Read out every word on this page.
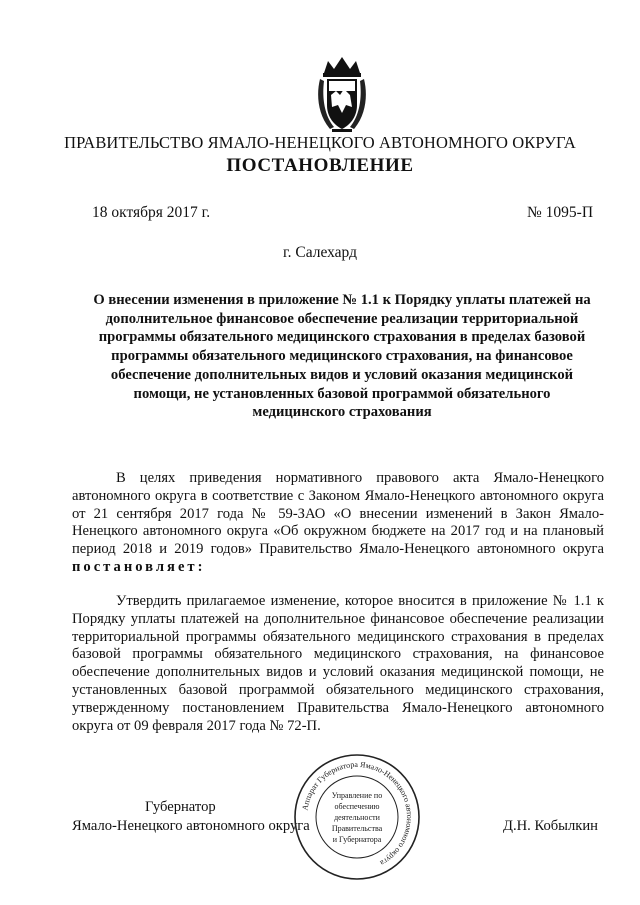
ПРАВИТЕЛЬСТВО ЯМАЛО-НЕНЕЦКОГО АВТОНОМНОГО ОКРУГА
ПОСТАНОВЛЕНИЕ
18 октября 2017 г.	№ 1095-П
г. Салехард
О внесении изменения в приложение № 1.1 к Порядку уплаты платежей на дополнительное финансовое обеспечение реализации территориальной программы обязательного медицинского страхования в пределах базовой программы обязательного медицинского страхования, на финансовое обеспечение дополнительных видов и условий оказания медицинской помощи, не установленных базовой программой обязательного медицинского страхования
В целях приведения нормативного правового акта Ямало-Ненецкого автономного округа в соответствие с Законом Ямало-Ненецкого автономного округа от 21 сентября 2017 года № 59-ЗАО «О внесении изменений в Закон Ямало-Ненецкого автономного округа «Об окружном бюджете на 2017 год и на плановый период 2018 и 2019 годов» Правительство Ямало-Ненецкого автономного округа постановляет:
Утвердить прилагаемое изменение, которое вносится в приложение № 1.1 к Порядку уплаты платежей на дополнительное финансовое обеспечение реализации территориальной программы обязательного медицинского страхования в пределах базовой программы обязательного медицинского страхования, на финансовое обеспечение дополнительных видов и условий оказания медицинской помощи, не установленных базовой программой обязательного медицинского страхования, утвержденному постановлением Правительства Ямало-Ненецкого автономного округа от 09 февраля 2017 года № 72-П.
Губернатор
Ямало-Ненецкого автономного округа	Д.Н. Кобылкин
Аппарат Губернатора Ямало-Ненецкого автономного округа
Управление по
обеспечению
деятельности
Правительства
и Губернатора
